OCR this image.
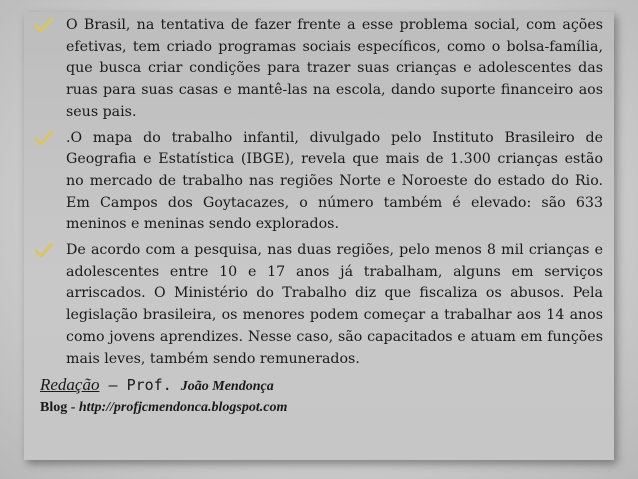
O Brasil, na tentativa de fazer frente a esse problema social, com ações efetivas, tem criado programas sociais específicos, como o bolsa-família, que busca criar condições para trazer suas crianças e adolescentes das ruas para suas casas e mantê-las na escola, dando suporte financeiro aos seus pais.
.O mapa do trabalho infantil, divulgado pelo Instituto Brasileiro de Geografia e Estatística (IBGE), revela que mais de 1.300 crianças estão no mercado de trabalho nas regiões Norte e Noroeste do estado do Rio. Em Campos dos Goytacazes, o número também é elevado: são 633 meninos e meninas sendo explorados.
De acordo com a pesquisa, nas duas regiões, pelo menos 8 mil crianças e adolescentes entre 10 e 17 anos já trabalham, alguns em serviços arriscados. O Ministério do Trabalho diz que fiscaliza os abusos. Pela legislação brasileira, os menores podem começar a trabalhar aos 14 anos como jovens aprendizes. Nesse caso, são capacitados e atuam em funções mais leves, também sendo remunerados.
Redação – Prof. João Mendonça
Blog - http://profjcmendonca.blogspot.com
